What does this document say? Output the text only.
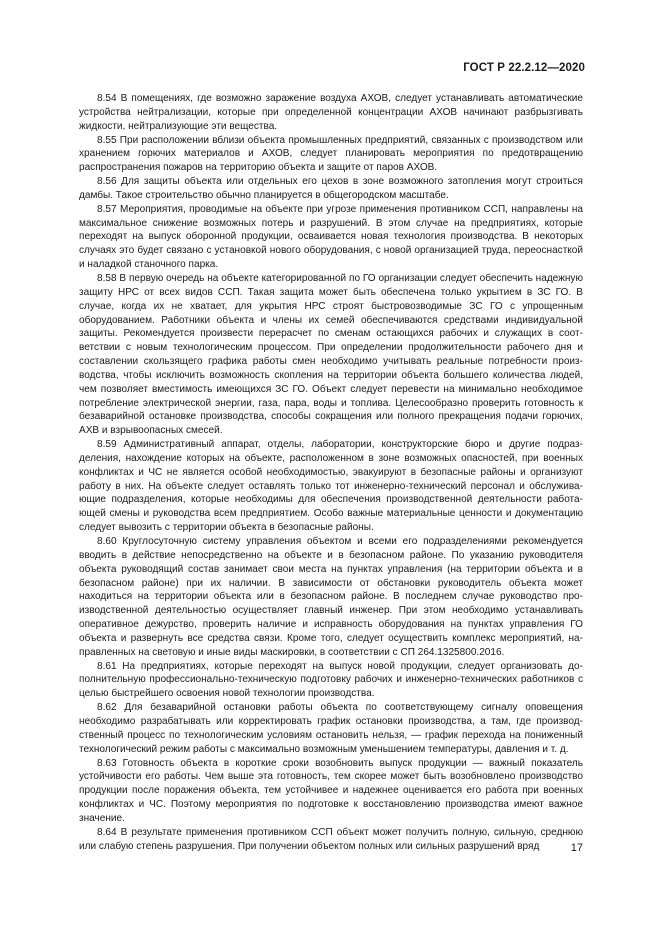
ГОСТ Р 22.2.12—2020

8.54 В помещениях, где возможно заражение воздуха АХОВ, следует устанавливать автоматические устройства нейтрализации, которые при определенной концентрации АХОВ начинают разбрызгивать жидкости, нейтрализующие эти вещества.

8.55 При расположении вблизи объекта промышленных предприятий, связанных с производством или хранением горючих материалов и АХОВ, следует планировать мероприятия по предотвращению распространения пожаров на территорию объекта и защите от паров АХОВ.

8.56 Для защиты объекта или отдельных его цехов в зоне возможного затопления могут строиться дамбы. Такое строительство обычно планируется в общегородском масштабе.

8.57 Мероприятия, проводимые на объекте при угрозе применения противником ССП, направлены на максимальное снижение возможных потерь и разрушений. В этом случае на предприятиях, которые переходят на выпуск оборонной продукции, осваивается новая технология производства. В некоторых случаях это будет связано с установкой нового оборудования, с новой организацией труда, переоснасткой и наладкой станочного парка.

8.58 В первую очередь на объекте категорированной по ГО организации следует обеспечить надежную защиту НРС от всех видов ССП. Такая защита может быть обеспечена только укрытием в ЗС ГО. В случае, когда их не хватает, для укрытия НРС строят быстровозводимые ЗС ГО с упрощенным оборудованием. Работники объекта и члены их семей обеспечиваются средствами индивидуальной защиты. Рекомендуется произвести перерасчет по сменам остающихся рабочих и служащих в соответствии с новым технологическим процессом. При определении продолжительности рабочего дня и составлении скользящего графика работы смен необходимо учитывать реальные потребности производства, чтобы исключить возможность скопления на территории объекта большего количества людей, чем позволяет вместимость имеющихся ЗС ГО. Объект следует перевести на минимально необходимое потребление электрической энергии, газа, пара, воды и топлива. Целесообразно проверить готовность к безаварийной остановке производства, способы сокращения или полного прекращения подачи горючих, АХВ и взрывоопасных смесей.

8.59 Административный аппарат, отделы, лаборатории, конструкторские бюро и другие подразделения, нахождение которых на объекте, расположенном в зоне возможных опасностей, при военных конфликтах и ЧС не является особой необходимостью, эвакуируют в безопасные районы и организуют работу в них. На объекте следует оставлять только тот инженерно-технический персонал и обслуживающие подразделения, которые необходимы для обеспечения производственной деятельности работающей смены и руководства всем предприятием. Особо важные материальные ценности и документацию следует вывозить с территории объекта в безопасные районы.

8.60 Круглосуточную систему управления объектом и всеми его подразделениями рекомендуется вводить в действие непосредственно на объекте и в безопасном районе. По указанию руководителя объекта руководящий состав занимает свои места на пунктах управления (на территории объекта и в безопасном районе) при их наличии. В зависимости от обстановки руководитель объекта может находиться на территории объекта или в безопасном районе. В последнем случае руководство производственной деятельностью осуществляет главный инженер. При этом необходимо устанавливать оперативное дежурство, проверить наличие и исправность оборудования на пунктах управления ГО объекта и развернуть все средства связи. Кроме того, следует осуществить комплекс мероприятий, направленных на световую и иные виды маскировки, в соответствии с СП 264.1325800.2016.

8.61 На предприятиях, которые переходят на выпуск новой продукции, следует организовать дополнительную профессионально-техническую подготовку рабочих и инженерно-технических работников с целью быстрейшего освоения новой технологии производства.

8.62 Для безаварийной остановки работы объекта по соответствующему сигналу оповещения необходимо разрабатывать или корректировать график остановки производства, а там, где производственный процесс по технологическим условиям остановить нельзя, — график перехода на пониженный технологический режим работы с максимально возможным уменьшением температуры, давления и т. д.

8.63 Готовность объекта в короткие сроки возобновить выпуск продукции — важный показатель устойчивости его работы. Чем выше эта готовность, тем скорее может быть возобновлено производство продукции после поражения объекта, тем устойчивее и надежнее оценивается его работа при военных конфликтах и ЧС. Поэтому мероприятия по подготовке к восстановлению производства имеют важное значение.

8.64 В результате применения противником ССП объект может получить полную, сильную, среднюю или слабую степень разрушения. При получении объектом полных или сильных разрушений вряд	17
